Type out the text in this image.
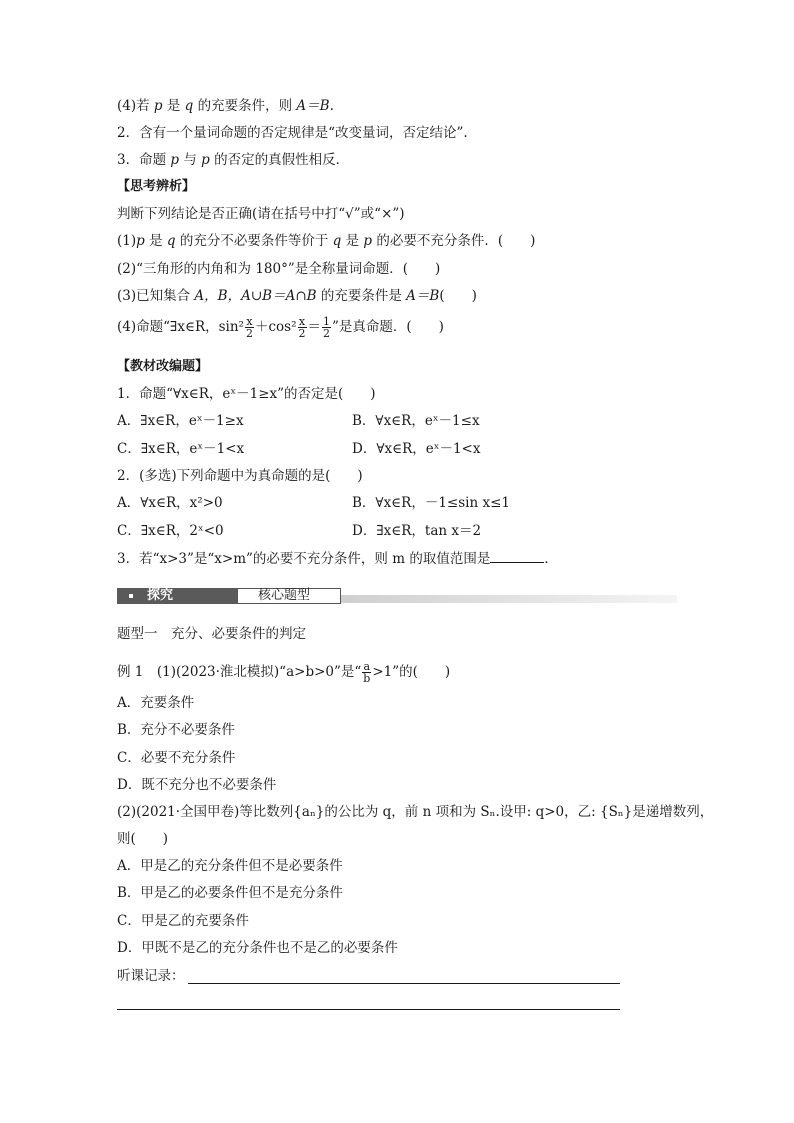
(4)若 p 是 q 的充要条件，则 A＝B.
2．含有一个量词命题的否定规律是“改变量词，否定结论”.
3．命题 p 与 p 的否定的真假性相反．
【思考辨析】
判断下列结论是否正确(请在括号中打“√”或“×”)
(1)p 是 q 的充分不必要条件等价于 q 是 p 的必要不充分条件．(　　)
(2)“三角形的内角和为 180°”是全称量词命题．(　　)
(3)已知集合 A，B，A∪B＝A∩B 的充要条件是 A＝B(　　)
(4)命题“∃x∈R，$\sin^2 \frac{x}{2} +\cos^2 \frac{x}{2} = \frac{1}{2}$ ”是真命题．(　　)
【教材改编题】
1．命题“∀x∈R，eˣ－1≥x”的否定是(　　)
A．∃x∈R，eˣ－1≥x	B．∀x∈R，eˣ－1≤x
C．∃x∈R，eˣ－1<x	D．∀x∈R，eˣ－1<x
2．(多选)下列命题中为真命题的是(　　)
A．∀x∈R，x²>0	B．∀x∈R，－1≤sin x≤1
C．∃x∈R，2ˣ<0	D．∃x∈R，tan x＝2
3．若“x>3”是“x>m”的必要不充分条件，则 m 的取值范围是	．
探究	核心题型
题型一　充分、必要条件的判定
例 1　(1)(2023·淮北模拟)“a>b>0”是“ $\frac{a}{b} >1$”的(　　)
A．充要条件
B．充分不必要条件
C．必要不充分条件
D．既不充分也不必要条件
(2)(2021·全国甲卷)等比数列{aₙ}的公比为 q，前 n 项和为 Sₙ.设甲: q>0，乙: {Sₙ}是递增数列，
则(　　)
A．甲是乙的充分条件但不是必要条件
B．甲是乙的必要条件但不是充分条件
C．甲是乙的充要条件
D．甲既不是乙的充分条件也不是乙的必要条件
听课记录：
